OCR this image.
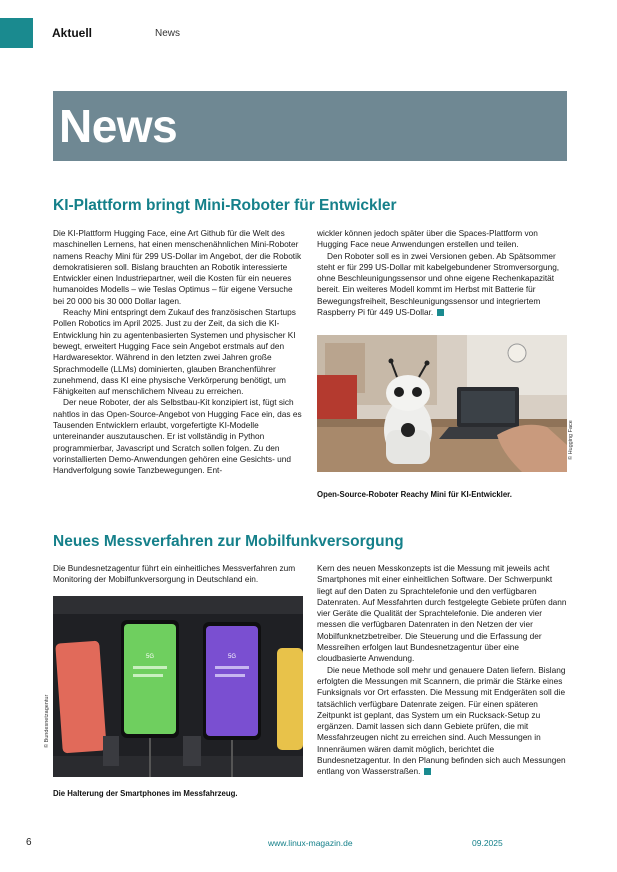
Aktuell	News
News
KI-Plattform bringt Mini-Roboter für Entwickler

Die KI-Plattform Hugging Face, eine Art Github für die Welt des maschinellen Lernens, hat einen menschenähnlichen Mini-Roboter namens Reachy Mini für 299 US-Dollar im Angebot, der die Robotik demokratisieren soll. Bislang brauchten an Robotik interessierte Entwickler einen Industriepartner, weil die Kosten für ein neueres humanoides Modells – wie Teslas Optimus – für eigene Versuche bei 20 000 bis 30 000 Dollar lagen.

Reachy Mini entspringt dem Zukauf des französischen Startups Pollen Robotics im April 2025. Just zu der Zeit, da sich die KI-Entwicklung hin zu agentenbasierten Systemen und physischer KI bewegt, erweitert Hugging Face sein Angebot erstmals auf den Hardwaresektor. Während in den letzten zwei Jahren große Sprachmodelle (LLMs) dominierten, glauben Branchenführer zunehmend, dass KI eine physische Verkörperung benötigt, um Fähigkeiten auf menschlichem Niveau zu erreichen.

Der neue Roboter, der als Selbstbau-Kit konzipiert ist, fügt sich nahtlos in das Open-Source-Angebot von Hugging Face ein, das es Tausenden Entwicklern erlaubt, vorgefertigte KI-Modelle untereinander auszutauschen. Er ist vollständig in Python programmierbar, Javascript und Scratch sollen folgen. Zu den vorinstallierten Demo-Anwendungen gehören eine Gesichts- und Handverfolgung sowie Tanzbewegungen. Ent-

wickler können jedoch später über die Spaces-Plattform von Hugging Face neue Anwendungen erstellen und teilen.

Den Roboter soll es in zwei Versionen geben. Ab Spätsommer steht er für 299 US-Dollar mit kabelgebundener Stromversorgung, ohne Beschleunigungssensor und ohne eigene Rechenkapazität bereit. Ein weiteres Modell kommt im Herbst mit Batterie für Bewegungsfreiheit, Beschleunigungssensor und integriertem Raspberry Pi für 449 US-Dollar.

© Hugging Face
Open-Source-Roboter Reachy Mini für KI-Entwickler.
Neues Messverfahren zur Mobilfunkversorgung

Die Bundesnetzagentur führt ein einheitliches Messverfahren zum Monitoring der Mobilfunkversorgung in Deutschland ein.

5G	5G
© Bundesnetzagentur
Die Halterung der Smartphones im Messfahrzeug.

Kern des neuen Messkonzepts ist die Messung mit jeweils acht Smartphones mit einer einheitlichen Software. Der Schwerpunkt liegt auf den Daten zu Sprachtelefonie und den verfügbaren Datenraten. Auf Messfahrten durch festgelegte Gebiete prüfen dann vier Geräte die Qualität der Sprachtelefonie. Die anderen vier messen die verfügbaren Datenraten in den Netzen der vier Mobilfunknetzbetreiber. Die Steuerung und die Erfassung der Messreihen erfolgen laut Bundesnetzagentur über eine cloudbasierte Anwendung.

Die neue Methode soll mehr und genauere Daten liefern. Bislang erfolgten die Messungen mit Scannern, die primär die Stärke eines Funksignals vor Ort erfassten. Die Messung mit Endgeräten soll die tatsächlich verfügbare Datenrate zeigen. Für einen späteren Zeitpunkt ist geplant, das System um ein Rucksack-Setup zu ergänzen. Damit lassen sich dann Gebiete prüfen, die mit Messfahrzeugen nicht zu erreichen sind. Auch Messungen in Innenräumen wären damit möglich, berichtet die Bundesnetzagentur. In den Planung befinden sich auch Messungen entlang von Wasserstraßen.

6	www.linux-magazin.de	09.2025
